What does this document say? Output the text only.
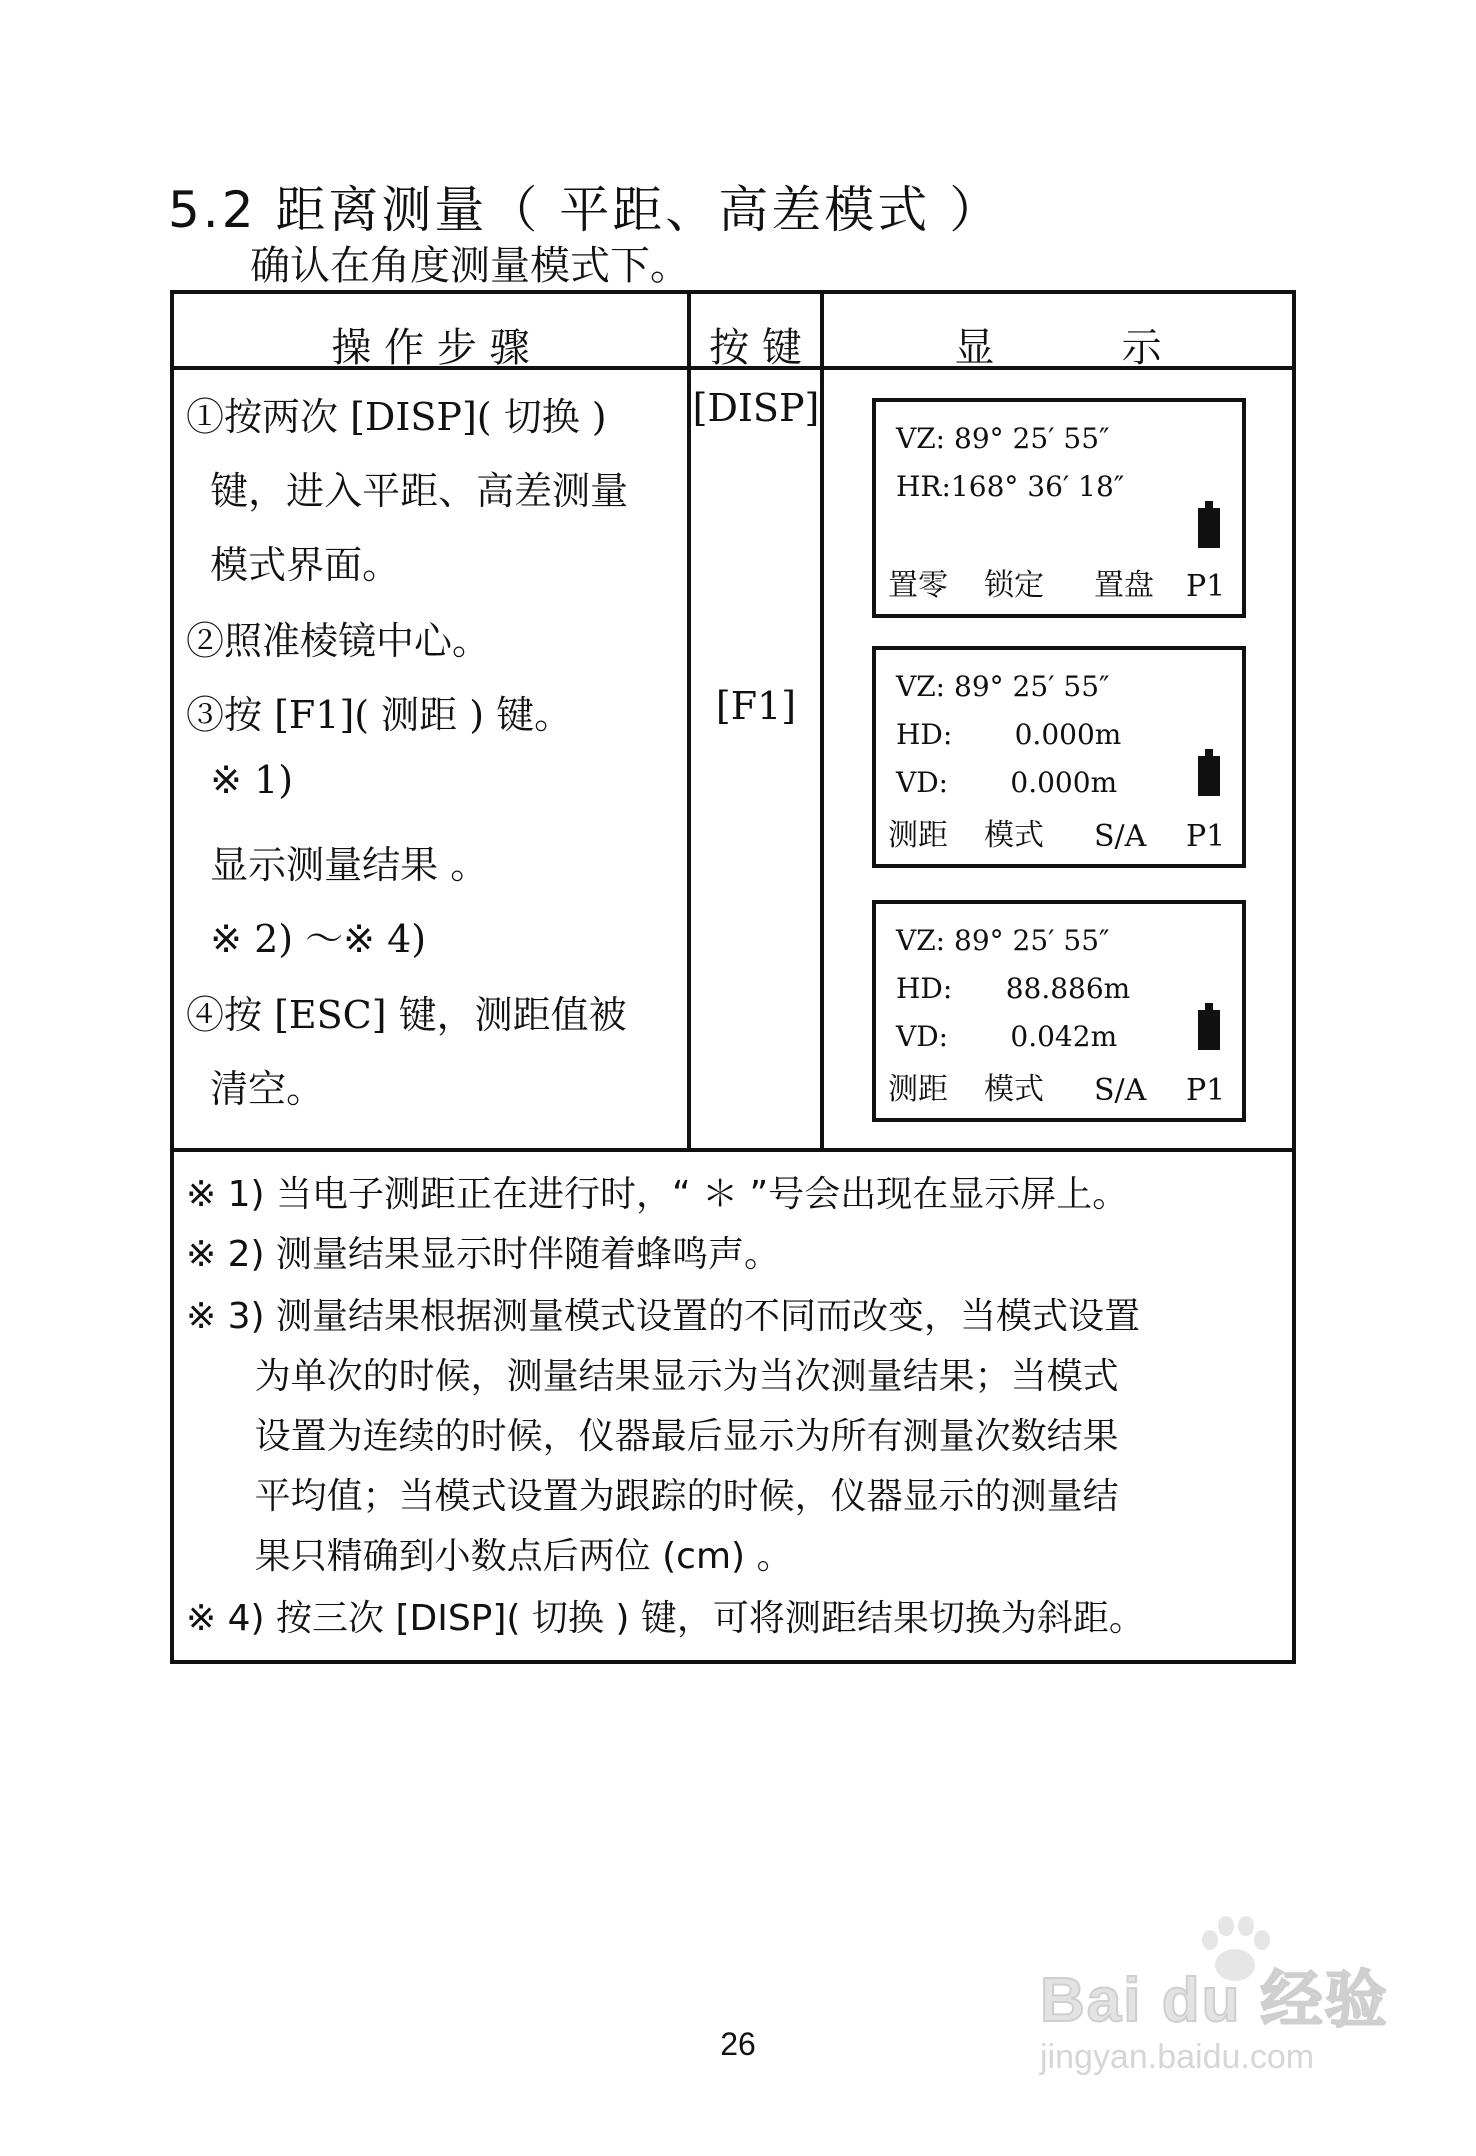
5.2 距离测量（ 平距、高差模式 ）
确认在角度测量模式下。
操 作 步 骤	按 键	显          示
①按两次 [DISP]( 切换 )
键，进入平距、高差测量
模式界面。
②照准棱镜中心。
③按 [F1]( 测距 ) 键。
※ 1)
显示测量结果 。
※ 2) ～※ 4)
④按 [ESC] 键，测距值被
清空。
[DISP]
[F1]
VZ: 89° 25′ 55″
HR:168° 36′ 18″
置零 锁定 置盘 P1
VZ: 89° 25′ 55″
HD:       0.000m
VD:       0.000m
测距 模式 S/A P1
VZ: 89° 25′ 55″
HD:      88.886m
VD:       0.042m
测距 模式 S/A P1
※ 1) 当电子测距正在进行时，“ ＊ ”号会出现在显示屏上。
※ 2) 测量结果显示时伴随着蜂鸣声。
※ 3) 测量结果根据测量模式设置的不同而改变，当模式设置
为单次的时候，测量结果显示为当次测量结果；当模式
设置为连续的时候，仪器最后显示为所有测量次数结果
平均值；当模式设置为跟踪的时候，仪器显示的测量结
果只精确到小数点后两位 (cm) 。
※ 4) 按三次 [DISP]( 切换 ) 键，可将测距结果切换为斜距。
26
Bai du 经验
jingyan.baidu.com
